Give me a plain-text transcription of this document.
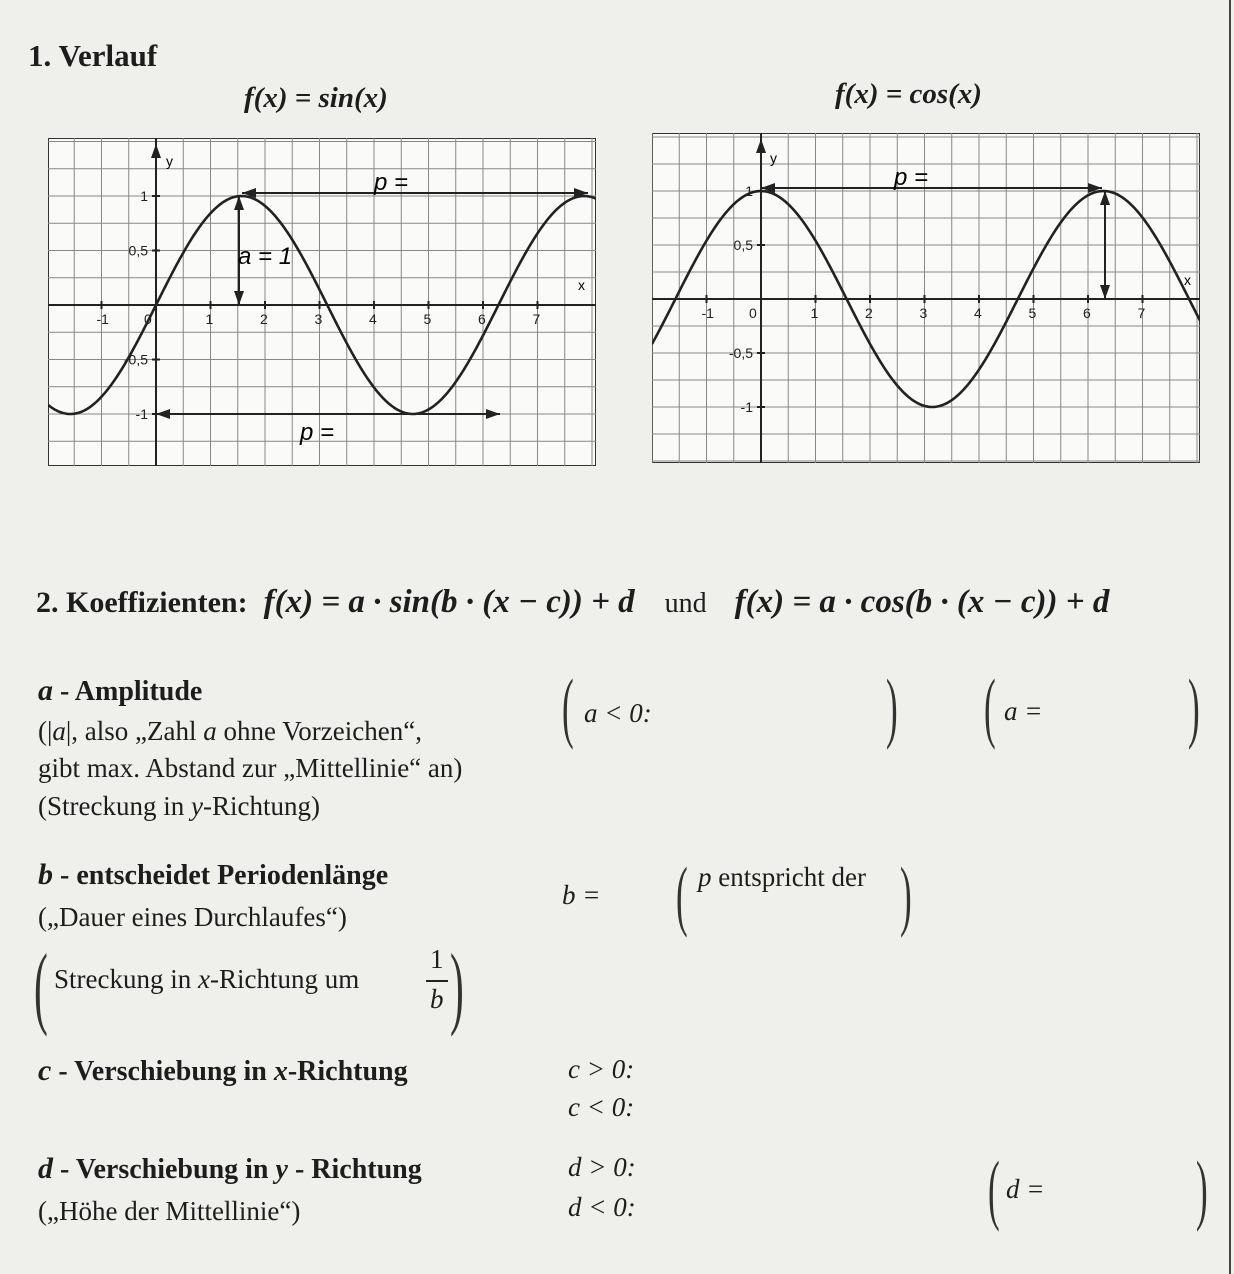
1. Verlauf
f(x) = sin(x)	f(x) = cos(x)
y
x
-1	0	1	2	3	4	5	6	7
1
0,5
-0,5
-1
p =
a = 1
p =
y
x
-1	0	1	2	3	4	5	6	7
1
0,5
-0,5
-1
p =
2. Koeffizienten: f(x) = a · sin(b · (x − c)) + d und f(x) = a · cos(b · (x − c)) + d
a - Amplitude
(|a|, also „Zahl a ohne Vorzeichen“,
gibt max. Abstand zur „Mittellinie“ an)
(Streckung in y-Richtung)
( a < 0:	) ( a = )
b - entscheidet Periodenlänge
(„Dauer eines Durchlaufes“)
( Streckung in x-Richtung um
1
b )
b = ( p entspricht der )
c - Verschiebung in x-Richtung	c > 0:
c < 0:
d - Verschiebung in y - Richtung
(„Höhe der Mittellinie“)
d > 0:
d < 0:	( d = )
